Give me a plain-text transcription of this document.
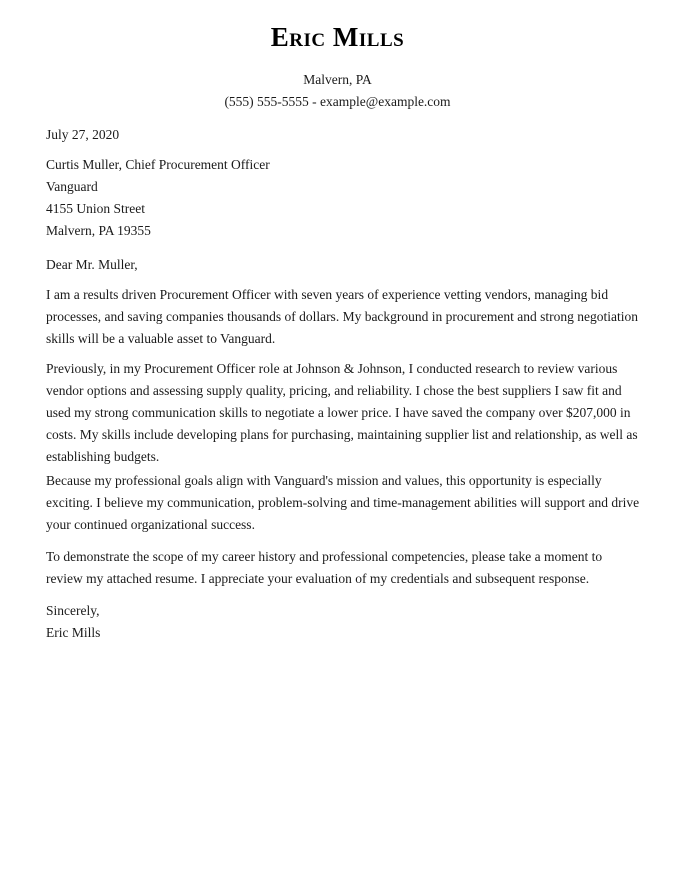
Eric Mills
Malvern, PA
(555) 555-5555 - example@example.com
July 27, 2020
Curtis Muller, Chief Procurement Officer
Vanguard
4155 Union Street
Malvern, PA 19355
Dear Mr. Muller,

I am a results driven Procurement Officer with seven years of experience vetting vendors, managing bid
processes, and saving companies thousands of dollars. My background in procurement and strong negotiation
skills will be a valuable asset to Vanguard.

Previously, in my Procurement Officer role at Johnson & Johnson, I conducted research to review various
vendor options and assessing supply quality, pricing, and reliability. I chose the best suppliers I saw fit and
used my strong communication skills to negotiate a lower price. I have saved the company over $207,000 in
costs. My skills include developing plans for purchasing, maintaining supplier list and relationship, as well as
establishing budgets.

Because my professional goals align with Vanguard's mission and values, this opportunity is especially
exciting. I believe my communication, problem-solving and time-management abilities will support and drive
your continued organizational success.

To demonstrate the scope of my career history and professional competencies, please take a moment to
review my attached resume. I appreciate your evaluation of my credentials and subsequent response.

Sincerely,
Eric Mills
